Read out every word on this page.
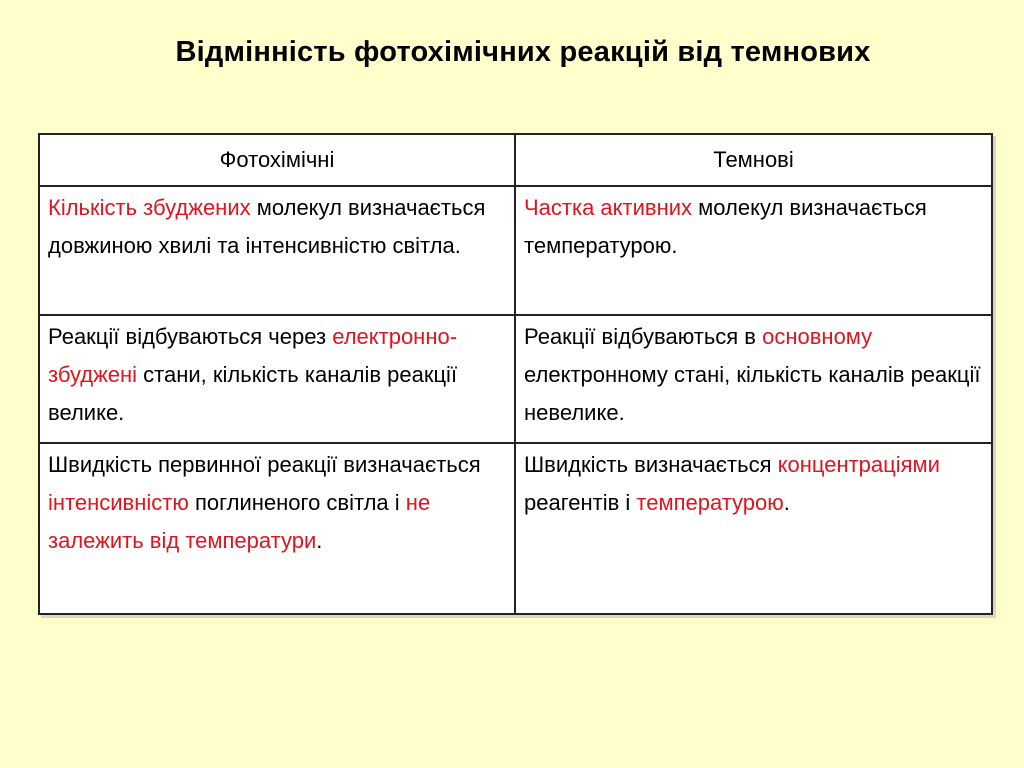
Відмінність фотохімічних реакцій від темнових
Фотохімічні	Темнові
Кількість збуджених молекул визначається довжиною хвилі та інтенсивністю світла.	Частка активних молекул визначається температурою.
Реакції відбуваються через електронно-збуджені стани, кількість каналів реакції велике.	Реакції відбуваються в основному електронному стані, кількість каналів реакції невелике.
Швидкість первинної реакції визначається інтенсивністю поглиненого світла і не залежить від температури.	Швидкість визначається концентраціями реагентів і температурою.
